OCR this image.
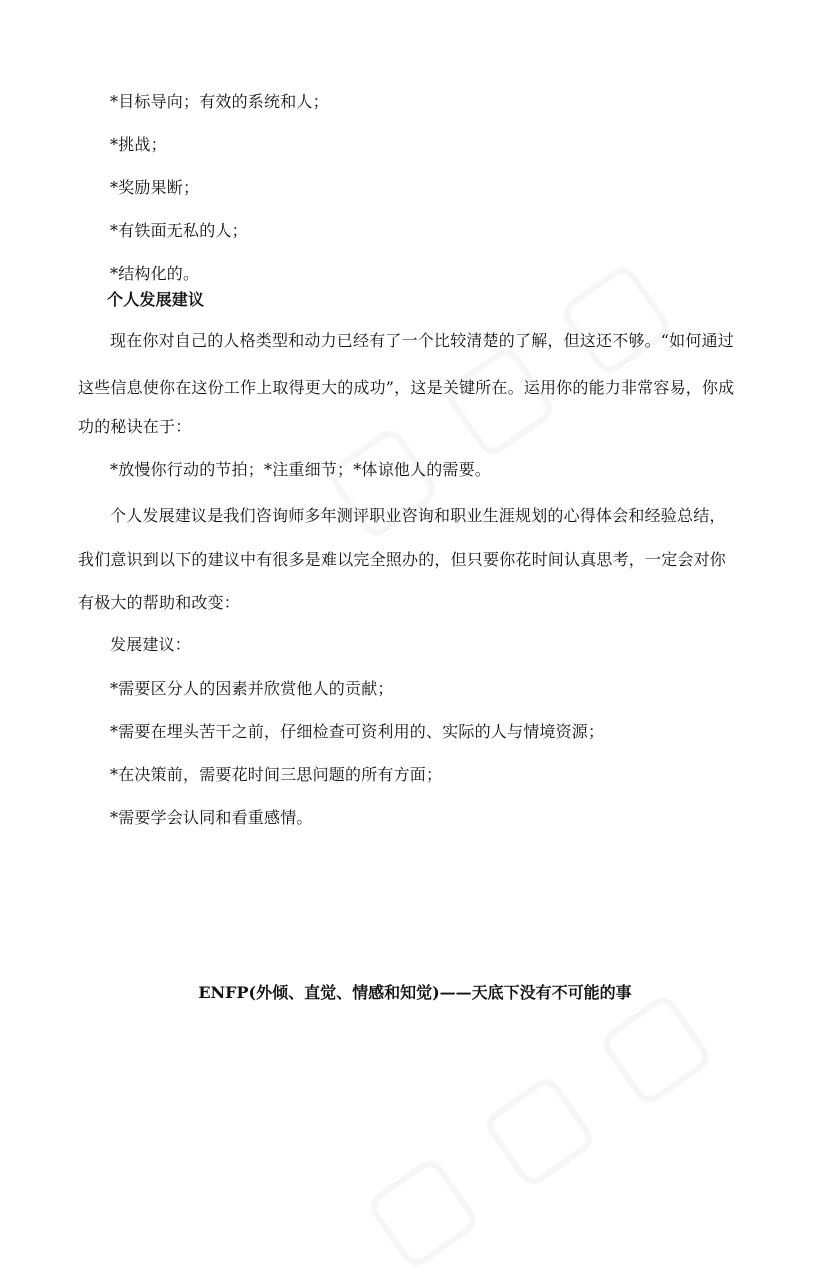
*目标导向；有效的系统和人；
*挑战；
*奖励果断；
*有铁面无私的人；
*结构化的。
个人发展建议
现在你对自己的人格类型和动力已经有了一个比较清楚的了解，但这还不够。“如何通过
这些信息使你在这份工作上取得更大的成功”，这是关键所在。运用你的能力非常容易，你成
功的秘诀在于：
*放慢你行动的节拍；*注重细节；*体谅他人的需要。
个人发展建议是我们咨询师多年测评职业咨询和职业生涯规划的心得体会和经验总结，
我们意识到以下的建议中有很多是难以完全照办的，但只要你花时间认真思考，一定会对你
有极大的帮助和改变：
发展建议：
*需要区分人的因素并欣赏他人的贡献；
*需要在埋头苦干之前，仔细检查可资利用的、实际的人与情境资源；
*在决策前，需要花时间三思问题的所有方面；
*需要学会认同和看重感情。
ENFP(外倾、直觉、情感和知觉)——天底下没有不可能的事
